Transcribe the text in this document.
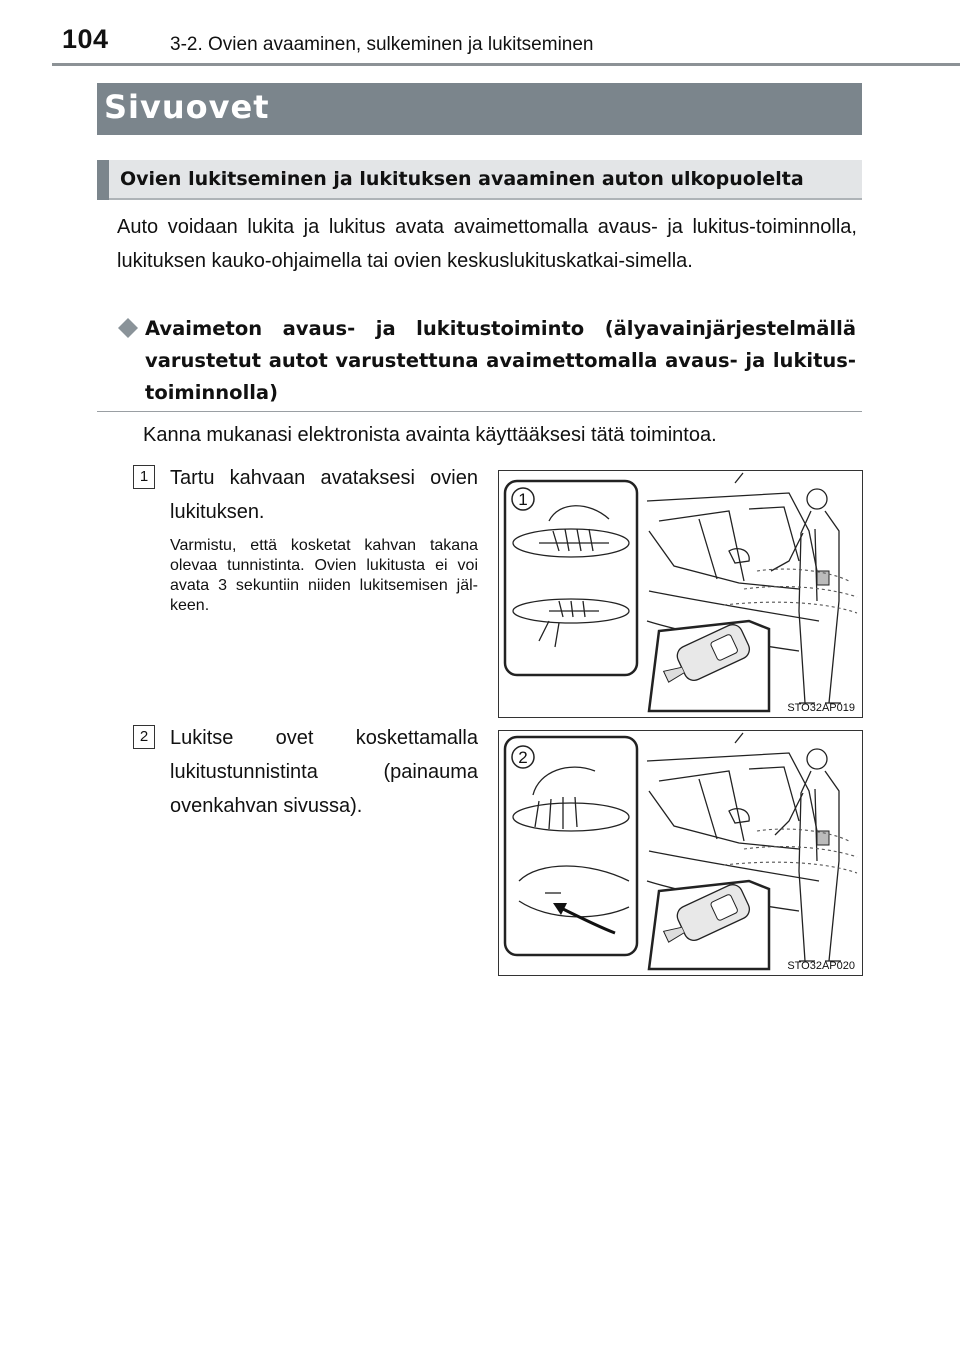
104	3-2. Ovien avaaminen, sulkeminen ja lukitseminen
Sivuovet
Ovien lukitseminen ja lukituksen avaaminen auton ulkopuolelta
Auto voidaan lukita ja lukitus avata avaimettomalla avaus- ja lukitus-toiminnolla, lukituksen kauko-ohjaimella tai ovien keskuslukituskatkai-simella.
Avaimeton avaus- ja lukitustoiminto (älyavainjärjestelmällä varustetut autot varustettuna avaimettomalla avaus- ja lukitus-toiminnolla)
Kanna mukanasi elektronista avainta käyttääksesi tätä toimintoa.
1	Tartu kahvaan avataksesi ovien lukituksen.
Varmistu, että kosketat kahvan takana olevaa tunnistinta. Ovien lukitusta ei voi avata 3 sekuntiin niiden lukitsemisen jäl-keen.
1
STO32AP019
2	Lukitse ovet koskettamalla lukitustunnistinta (painauma ovenkahvan sivussa).
2
STO32AP020
